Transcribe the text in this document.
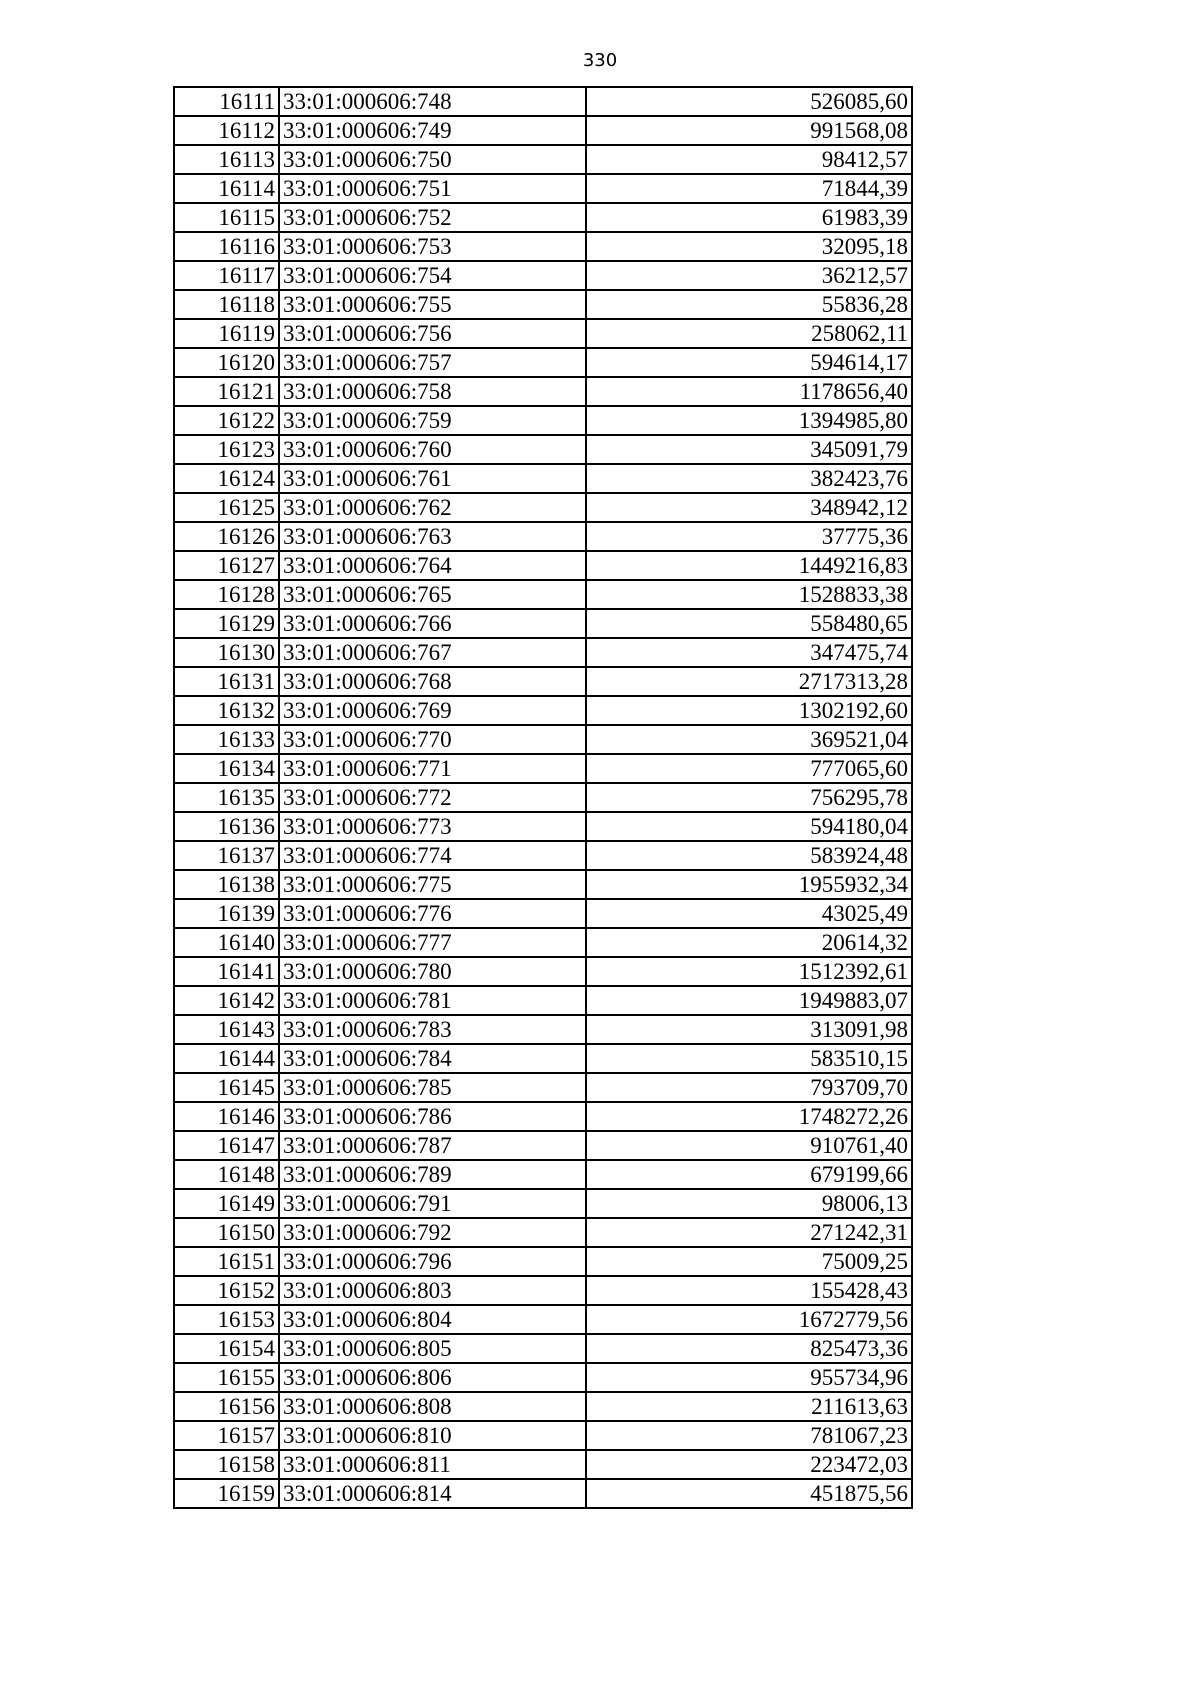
330
16111	33:01:000606:748	526085,60
16112	33:01:000606:749	991568,08
16113	33:01:000606:750	98412,57
16114	33:01:000606:751	71844,39
16115	33:01:000606:752	61983,39
16116	33:01:000606:753	32095,18
16117	33:01:000606:754	36212,57
16118	33:01:000606:755	55836,28
16119	33:01:000606:756	258062,11
16120	33:01:000606:757	594614,17
16121	33:01:000606:758	1178656,40
16122	33:01:000606:759	1394985,80
16123	33:01:000606:760	345091,79
16124	33:01:000606:761	382423,76
16125	33:01:000606:762	348942,12
16126	33:01:000606:763	37775,36
16127	33:01:000606:764	1449216,83
16128	33:01:000606:765	1528833,38
16129	33:01:000606:766	558480,65
16130	33:01:000606:767	347475,74
16131	33:01:000606:768	2717313,28
16132	33:01:000606:769	1302192,60
16133	33:01:000606:770	369521,04
16134	33:01:000606:771	777065,60
16135	33:01:000606:772	756295,78
16136	33:01:000606:773	594180,04
16137	33:01:000606:774	583924,48
16138	33:01:000606:775	1955932,34
16139	33:01:000606:776	43025,49
16140	33:01:000606:777	20614,32
16141	33:01:000606:780	1512392,61
16142	33:01:000606:781	1949883,07
16143	33:01:000606:783	313091,98
16144	33:01:000606:784	583510,15
16145	33:01:000606:785	793709,70
16146	33:01:000606:786	1748272,26
16147	33:01:000606:787	910761,40
16148	33:01:000606:789	679199,66
16149	33:01:000606:791	98006,13
16150	33:01:000606:792	271242,31
16151	33:01:000606:796	75009,25
16152	33:01:000606:803	155428,43
16153	33:01:000606:804	1672779,56
16154	33:01:000606:805	825473,36
16155	33:01:000606:806	955734,96
16156	33:01:000606:808	211613,63
16157	33:01:000606:810	781067,23
16158	33:01:000606:811	223472,03
16159	33:01:000606:814	451875,56
